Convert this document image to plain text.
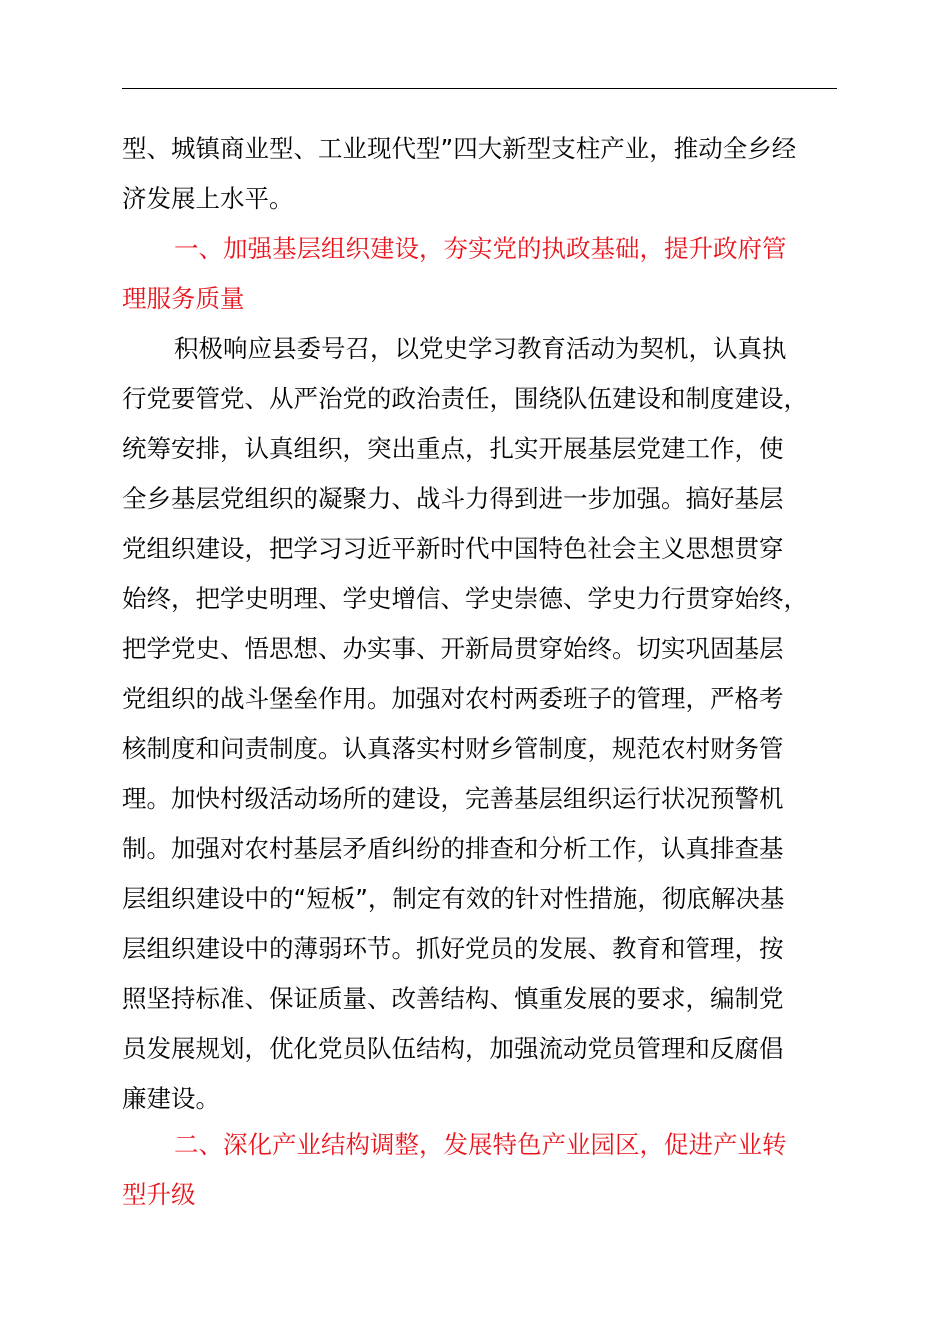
型、城镇商业型、工业现代型”四大新型支柱产业，推动全乡经
济发展上水平。
一、加强基层组织建设，夯实党的执政基础，提升政府管
理服务质量
积极响应县委号召，以党史学习教育活动为契机，认真执
行党要管党、从严治党的政治责任，围绕队伍建设和制度建设，
统筹安排，认真组织，突出重点，扎实开展基层党建工作，使
全乡基层党组织的凝聚力、战斗力得到进一步加强。搞好基层
党组织建设，把学习习近平新时代中国特色社会主义思想贯穿
始终，把学史明理、学史增信、学史崇德、学史力行贯穿始终，
把学党史、悟思想、办实事、开新局贯穿始终。切实巩固基层
党组织的战斗堡垒作用。加强对农村两委班子的管理，严格考
核制度和问责制度。认真落实村财乡管制度，规范农村财务管
理。加快村级活动场所的建设，完善基层组织运行状况预警机
制。加强对农村基层矛盾纠纷的排查和分析工作，认真排查基
层组织建设中的“短板”，制定有效的针对性措施，彻底解决基
层组织建设中的薄弱环节。抓好党员的发展、教育和管理，按
照坚持标准、保证质量、改善结构、慎重发展的要求，编制党
员发展规划，优化党员队伍结构，加强流动党员管理和反腐倡
廉建设。
二、深化产业结构调整，发展特色产业园区，促进产业转
型升级
